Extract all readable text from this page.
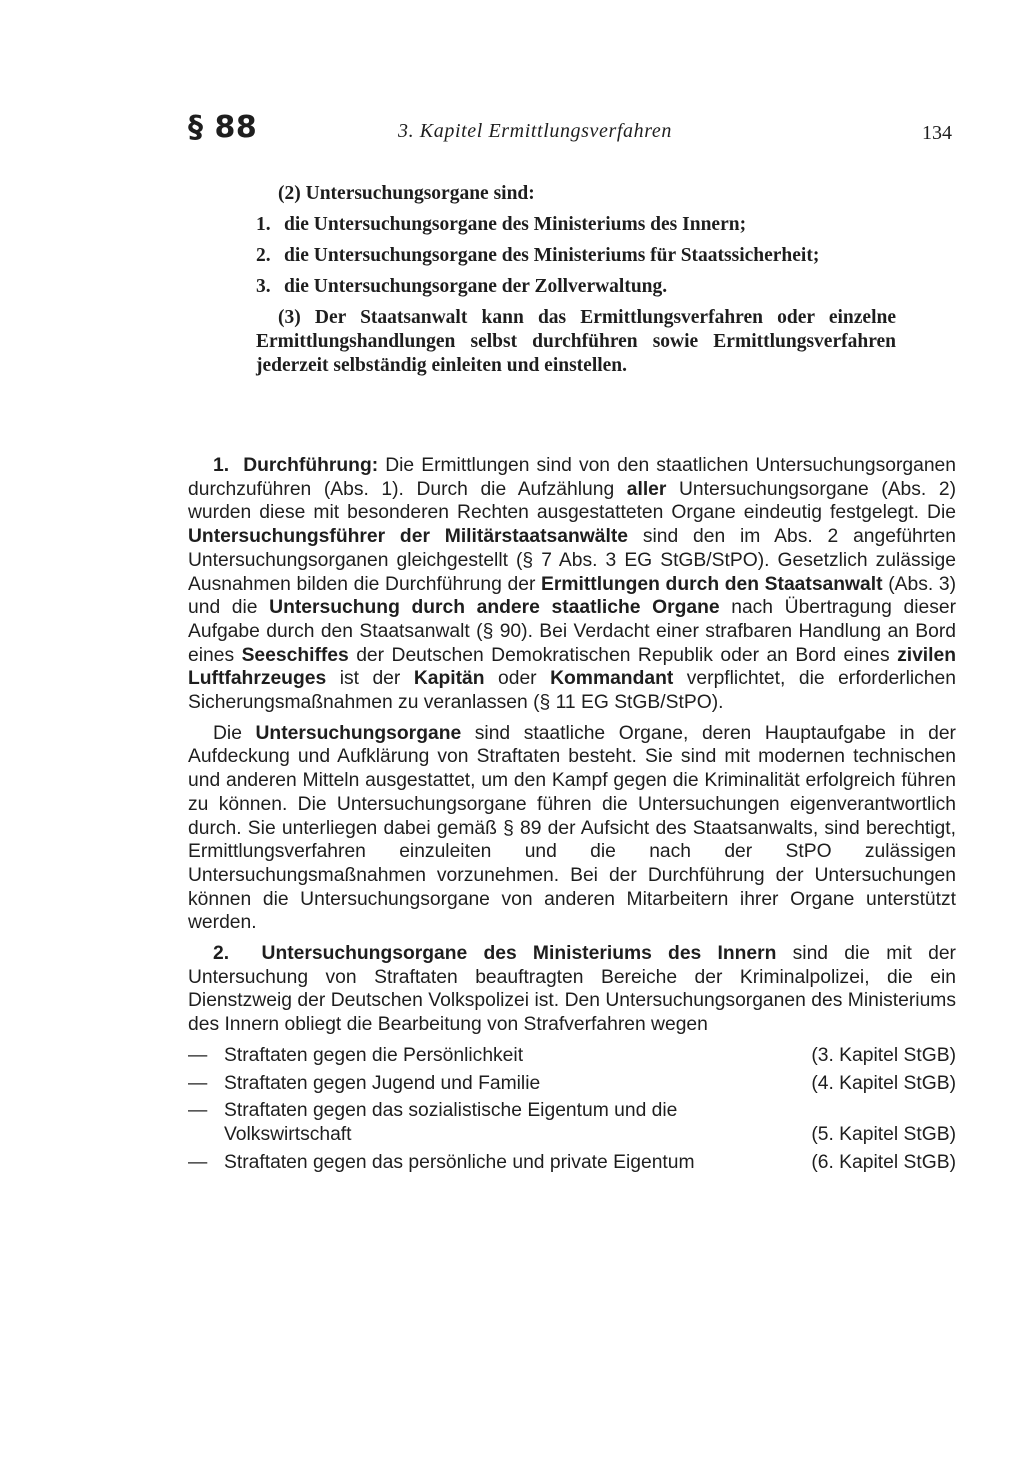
§ 88	3. Kapitel Ermittlungsverfahren	134

(2) Untersuchungsorgane sind:

1. die Untersuchungsorgane des Ministeriums des Innern;
2. die Untersuchungsorgane des Ministeriums für Staatssicherheit;
3. die Untersuchungsorgane der Zollverwaltung.

(3) Der Staatsanwalt kann das Ermittlungsverfahren oder einzelne Ermittlungshandlungen selbst durchführen sowie Ermittlungsverfahren jederzeit selbständig einleiten und einstellen.

1. Durchführung: Die Ermittlungen sind von den staatlichen Untersuchungsorganen durchzuführen (Abs. 1). Durch die Aufzählung aller Untersuchungsorgane (Abs. 2) wurden diese mit besonderen Rechten ausgestatteten Organe eindeutig festgelegt. Die Untersuchungsführer der Militärstaatsanwälte sind den im Abs. 2 angeführten Untersuchungsorganen gleichgestellt (§ 7 Abs. 3 EG StGB/StPO). Gesetzlich zulässige Ausnahmen bilden die Durchführung der Ermittlungen durch den Staatsanwalt (Abs. 3) und die Untersuchung durch andere staatliche Organe nach Übertragung dieser Aufgabe durch den Staatsanwalt (§ 90). Bei Verdacht einer strafbaren Handlung an Bord eines Seeschiffes der Deutschen Demokratischen Republik oder an Bord eines zivilen Luftfahrzeuges ist der Kapitän oder Kommandant verpflichtet, die erforderlichen Sicherungsmaßnahmen zu veranlassen (§ 11 EG StGB/StPO).

Die Untersuchungsorgane sind staatliche Organe, deren Hauptaufgabe in der Aufdeckung und Aufklärung von Straftaten besteht. Sie sind mit modernen technischen und anderen Mitteln ausgestattet, um den Kampf gegen die Kriminalität erfolgreich führen zu können. Die Untersuchungsorgane führen die Untersuchungen eigenverantwortlich durch. Sie unterliegen dabei gemäß § 89 der Aufsicht des Staatsanwalts, sind berechtigt, Ermittlungsverfahren einzuleiten und die nach der StPO zulässigen Untersuchungsmaßnahmen vorzunehmen. Bei der Durchführung der Untersuchungen können die Untersuchungsorgane von anderen Mitarbeitern ihrer Organe unterstützt werden.

2. Untersuchungsorgane des Ministeriums des Innern sind die mit der Untersuchung von Straftaten beauftragten Bereiche der Kriminalpolizei, die ein Dienstzweig der Deutschen Volkspolizei ist. Den Untersuchungsorganen des Ministeriums des Innern obliegt die Bearbeitung von Strafverfahren wegen

— Straftaten gegen die Persönlichkeit	(3. Kapitel StGB)
— Straftaten gegen Jugend und Familie	(4. Kapitel StGB)
— Straftaten gegen das sozialistische Eigentum und die Volkswirtschaft	(5. Kapitel StGB)
— Straftaten gegen das persönliche und private Eigentum	(6. Kapitel StGB)
